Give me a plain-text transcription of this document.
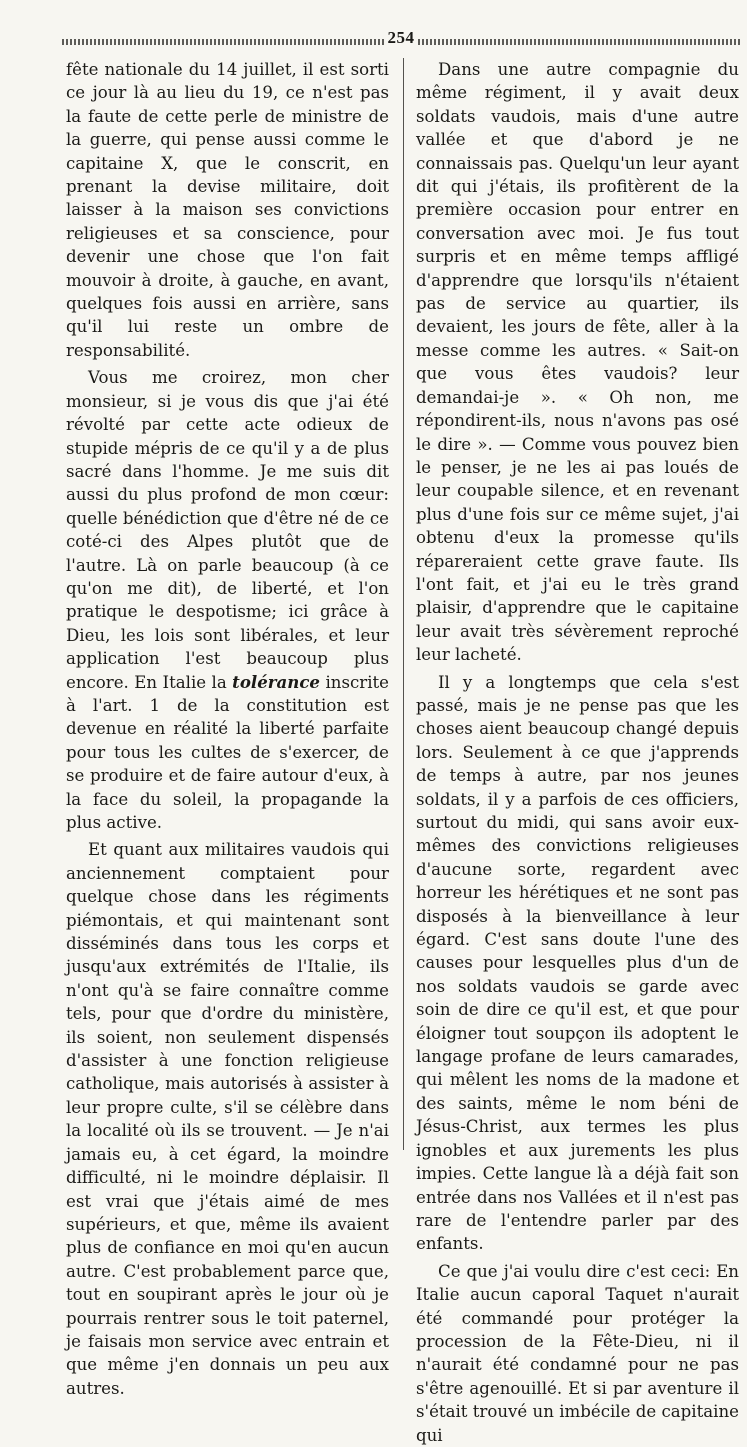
254

fête nationale du 14 juillet, il est sorti ce jour là au lieu du 19, ce n'est pas la faute de cette perle de ministre de la guerre, qui pense aussi comme le capitaine X, que le conscrit, en prenant la devise militaire, doit laisser à la maison ses convictions religieuses et sa conscience, pour devenir une chose que l'on fait mouvoir à droite, à gauche, en avant, quelques fois aussi en arrière, sans qu'il lui reste un ombre de responsabilité.

Vous me croirez, mon cher monsieur, si je vous dis que j'ai été révolté par cette acte odieux de stupide mépris de ce qu'il y a de plus sacré dans l'homme. Je me suis dit aussi du plus profond de mon cœur: quelle bénédiction que d'être né de ce coté-ci des Alpes plutôt que de l'autre. Là on parle beaucoup (à ce qu'on me dit), de liberté, et l'on pratique le despotisme; ici grâce à Dieu, les lois sont libérales, et leur application l'est beaucoup plus encore. En Italie la tolérance inscrite à l'art. 1 de la constitution est devenue en réalité la liberté parfaite pour tous les cultes de s'exercer, de se produire et de faire autour d'eux, à la face du soleil, la propagande la plus active.

Et quant aux militaires vaudois qui anciennement comptaient pour quelque chose dans les régiments piémontais, et qui maintenant sont disséminés dans tous les corps et jusqu'aux extrémités de l'Italie, ils n'ont qu'à se faire connaître comme tels, pour que d'ordre du ministère, ils soient, non seulement dispensés d'assister à une fonction religieuse catholique, mais autorisés à assister à leur propre culte, s'il se célèbre dans la localité où ils se trouvent. — Je n'ai jamais eu, à cet égard, la moindre difficulté, ni le moindre déplaisir. Il est vrai que j'étais aimé de mes supérieurs, et que, même ils avaient plus de confiance en moi qu'en aucun autre. C'est probablement parce que, tout en soupirant après le jour où je pourrais rentrer sous le toit paternel, je faisais mon service avec entrain et que même j'en donnais un peu aux autres.

Dans une autre compagnie du même régiment, il y avait deux soldats vaudois, mais d'une autre vallée et que d'abord je ne connaissais pas. Quelqu'un leur ayant dit qui j'étais, ils profitèrent de la première occasion pour entrer en conversation avec moi. Je fus tout surpris et en même temps affligé d'apprendre que lorsqu'ils n'étaient pas de service au quartier, ils devaient, les jours de fête, aller à la messe comme les autres. « Sait-on que vous êtes vaudois? leur demandai-je ». « Oh non, me répondirent-ils, nous n'avons pas osé le dire ». — Comme vous pouvez bien le penser, je ne les ai pas loués de leur coupable silence, et en revenant plus d'une fois sur ce même sujet, j'ai obtenu d'eux la promesse qu'ils répareraient cette grave faute. Ils l'ont fait, et j'ai eu le très grand plaisir, d'apprendre que le capitaine leur avait très sévèrement reproché leur lacheté.

Il y a longtemps que cela s'est passé, mais je ne pense pas que les choses aient beaucoup changé depuis lors. Seulement à ce que j'apprends de temps à autre, par nos jeunes soldats, il y a parfois de ces officiers, surtout du midi, qui sans avoir eux-mêmes des convictions religieuses d'aucune sorte, regardent avec horreur les hérétiques et ne sont pas disposés à la bienveillance à leur égard. C'est sans doute l'une des causes pour lesquelles plus d'un de nos soldats vaudois se garde avec soin de dire ce qu'il est, et que pour éloigner tout soupçon ils adoptent le langage profane de leurs camarades, qui mêlent les noms de la madone et des saints, même le nom béni de Jésus-Christ, aux termes les plus ignobles et aux jurements les plus impies. Cette langue là a déjà fait son entrée dans nos Vallées et il n'est pas rare de l'entendre parler par des enfants.

Ce que j'ai voulu dire c'est ceci: En Italie aucun caporal Taquet n'aurait été commandé pour protéger la procession de la Fête-Dieu, ni il n'aurait été condamné pour ne pas s'être agenouillé. Et si par aventure il s'était trouvé un imbécile de capitaine qui
